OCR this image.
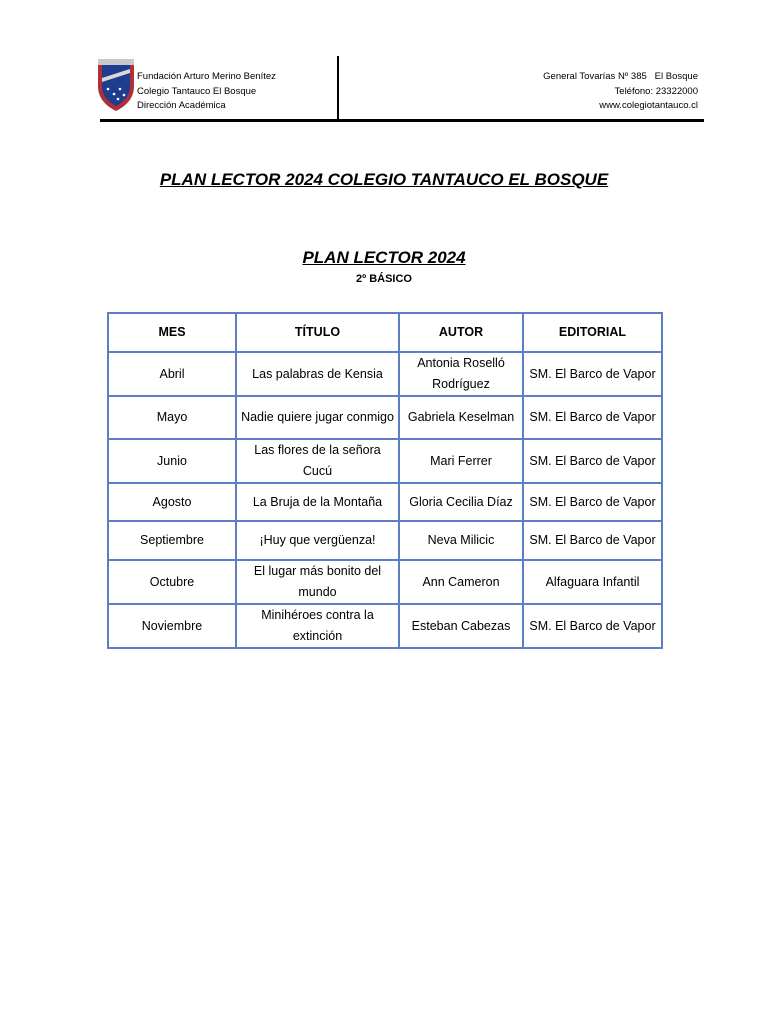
Fundación Arturo Merino Benítez
Colegio Tantauco El Bosque
Dirección Académica
General Tovarías Nº 385   El Bosque
Teléfono: 23322000
www.colegiotantauco.cl
PLAN LECTOR 2024 COLEGIO TANTAUCO EL BOSQUE
PLAN LECTOR 2024
2º BÁSICO
MES	TÍTULO	AUTOR	EDITORIAL
Abril	Las palabras de Kensia	Antonia Roselló Rodríguez	SM. El Barco de Vapor
Mayo	Nadie quiere jugar conmigo	Gabriela Keselman	SM. El Barco de Vapor
Junio	Las flores de la señora Cucú	Mari Ferrer	SM. El Barco de Vapor
Agosto	La Bruja de la Montaña	Gloria Cecilia Díaz	SM. El Barco de Vapor
Septiembre	¡Huy que vergüenza!	Neva Milicic	SM. El Barco de Vapor
Octubre	El lugar más bonito del mundo	Ann Cameron	Alfaguara Infantil
Noviembre	Minihéroes contra la extinción	Esteban Cabezas	SM. El Barco de Vapor
